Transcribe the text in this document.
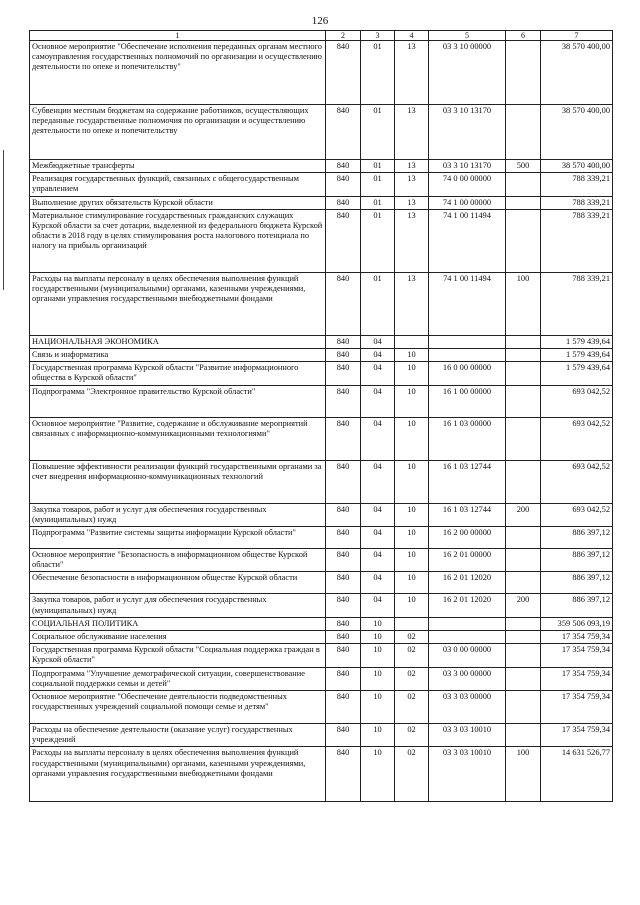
126
1	2	3	4	5	6	7
Основное мероприятие "Обеспечение исполнения переданных органам местного самоуправления государственных полномочий по организации и осуществлению деятельности по опеке и попечительству"	840	01	13	03 3 10 00000		38 570 400,00
Субвенции местным бюджетам на содержание работников, осуществляющих переданные государственные полномочия по организации и осуществлению деятельности по опеке и попечительству	840	01	13	03 3 10 13170		38 570 400,00
Межбюджетные трансферты	840	01	13	03 3 10 13170	500	38 570 400,00
Реализация государственных функций, связанных с общегосударственным управлением	840	01	13	74 0 00 00000		788 339,21
Выполнение других обязательств Курской области	840	01	13	74 1 00 00000		788 339,21
Материальное стимулирование государственных гражданских служащих Курской области за счет дотации, выделенной из федерального бюджета Курской области в 2018 году в целях стимулирования роста налогового потенциала по налогу на прибыль организаций	840	01	13	74 1 00 11494		788 339,21
Расходы на выплаты персоналу в целях обеспечения выполнения функций государственными (муниципальными) органами, казенными учреждениями, органами управления государственными внебюджетными фондами	840	01	13	74 1 00 11494	100	788 339,21
НАЦИОНАЛЬНАЯ ЭКОНОМИКА	840	04				1 579 439,64
Связь и информатика	840	04	10			1 579 439,64
Государственная программа Курской области "Развитие информационного общества в Курской области"	840	04	10	16 0 00 00000		1 579 439,64
Подпрограмма "Электронное правительство Курской области"	840	04	10	16 1 00 00000		693 042,52
Основное мероприятие "Развитие, содержание и обслуживание мероприятий связанных с информационно-коммуникационными технологиями"	840	04	10	16 1 03 00000		693 042,52
Повышение эффективности реализации функций государственными органами за счет внедрения информационно-коммуникационных технологий	840	04	10	16 1 03 12744		693 042,52
Закупка товаров, работ и услуг для обеспечения государственных (муниципальных) нужд	840	04	10	16 1 03 12744	200	693 042,52
Подпрограмма "Развитие системы защиты информации Курской области"	840	04	10	16 2 00 00000		886 397,12
Основное мероприятие "Безопасность в информационном обществе Курской области"	840	04	10	16 2 01 00000		886 397,12
Обеспечение безопасности в информационном обществе Курской области	840	04	10	16 2 01 12020		886 397,12
Закупка товаров, работ и услуг для обеспечения государственных (муниципальных) нужд	840	04	10	16 2 01 12020	200	886 397,12
СОЦИАЛЬНАЯ ПОЛИТИКА	840	10				359 506 093,19
Социальное обслуживание населения	840	10	02			17 354 759,34
Государственная программа Курской области "Социальная поддержка граждан в Курской области"	840	10	02	03 0 00 00000		17 354 759,34
Подпрограмма "Улучшение демографической ситуации, совершенствование социальной поддержки семьи и детей"	840	10	02	03 3 00 00000		17 354 759,34
Основное мероприятие "Обеспечение деятельности подведомственных государственных учреждений социальной помощи семье и детям"	840	10	02	03 3 03 00000		17 354 759,34
Расходы на обеспечение деятельности (оказание услуг) государственных учреждений	840	10	02	03 3 03 10010		17 354 759,34
Расходы на выплаты персоналу в целях обеспечения выполнения функций государственными (муниципальными) органами, казенными учреждениями, органами управления государственными внебюджетными фондами	840	10	02	03 3 03 10010	100	14 631 526,77
